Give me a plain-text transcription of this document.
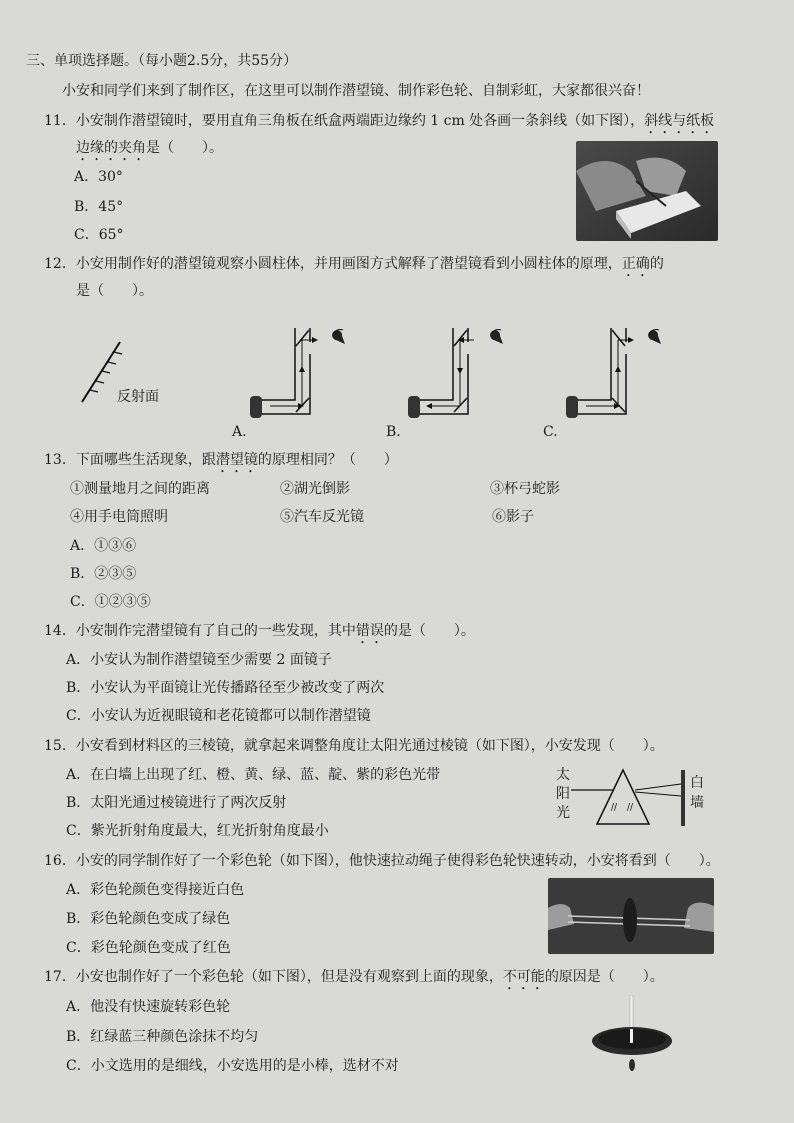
三、单项选择题。（每小题2.5分，共55分）
小安和同学们来到了制作区，在这里可以制作潜望镜、制作彩色轮、自制彩虹，大家都很兴奋！
11．小安制作潜望镜时，要用直角三角板在纸盒两端距边缘约 1 cm 处各画一条斜线（如下图），斜线与纸板
边缘的夹角是（　　）。
A．30°
B．45°
C．65°
12．小安用制作好的潜望镜观察小圆柱体，并用画图方式解释了潜望镜看到小圆柱体的原理，正确的
是（　　）。
反射面
A.	B.	C.
13．下面哪些生活现象，跟潜望镜的原理相同？（　　）
①测量地月之间的距离	②湖光倒影	③杯弓蛇影
④用手电筒照明	⑤汽车反光镜	⑥影子
A．①③⑥
B．②③⑤
C．①②③⑤
14．小安制作完潜望镜有了自己的一些发现，其中错误的是（　　）。
A．小安认为制作潜望镜至少需要 2 面镜子
B．小安认为平面镜让光传播路径至少被改变了两次
C．小安认为近视眼镜和老花镜都可以制作潜望镜
15．小安看到材料区的三棱镜，就拿起来调整角度让太阳光通过棱镜（如下图），小安发现（　　）。
A．在白墙上出现了红、橙、黄、绿、蓝、靛、紫的彩色光带
B．太阳光通过棱镜进行了两次反射
C．紫光折射角度最大，红光折射角度最小
太
阳
光
白
墙
// //
16．小安的同学制作好了一个彩色轮（如下图），他快速拉动绳子使得彩色轮快速转动，小安将看到（　　）。
A．彩色轮颜色变得接近白色
B．彩色轮颜色变成了绿色
C．彩色轮颜色变成了红色
17．小安也制作好了一个彩色轮（如下图），但是没有观察到上面的现象，不可能的原因是（　　）。
A．他没有快速旋转彩色轮
B．红绿蓝三种颜色涂抹不均匀
C．小文选用的是细线，小安选用的是小棒，选材不对
